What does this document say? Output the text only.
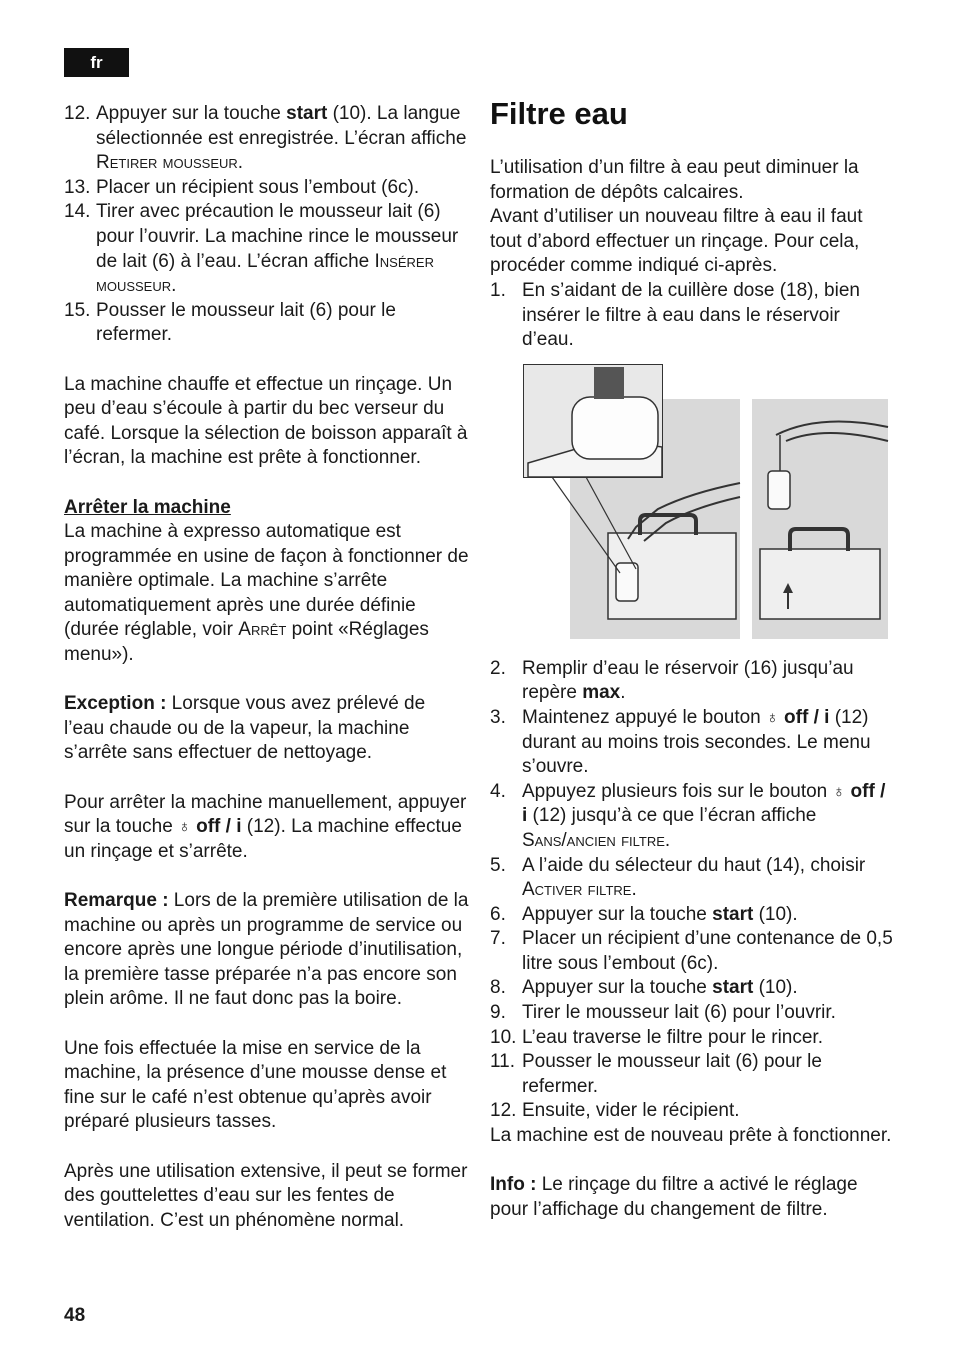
fr
12. Appuyer sur la touche start (10). La langue sélectionnée est enregistrée. L’écran affiche Retirer mousseur.
13. Placer un récipient sous l’embout (6c).
14. Tirer avec précaution le mousseur lait (6) pour l’ouvrir. La machine rince le mousseur de lait (6) à l’eau. L’écran affiche Insérer mousseur.
15. Pousser le mousseur lait (6) pour le refermer.

La machine chauffe et effectue un rinçage. Un peu d’eau s’écoule à partir du bec verseur du café. Lorsque la sélection de boisson apparaît à l’écran, la machine est prête à fonctionner.

Arrêter la machine

La machine à expresso automatique est programmée en usine de façon à fonctionner de manière optimale. La machine s’arrête automatiquement après une durée définie (durée réglable, voir Arrêt point «Réglages menu»).

Exception : Lorsque vous avez prélevé de l’eau chaude ou de la vapeur, la machine s’arrête sans effectuer de nettoyage.

Pour arrêter la machine manuellement, appuyer sur la touche ♁ off / i (12). La machine effectue un rinçage et s’arrête.

Remarque : Lors de la première utilisation de la machine ou après un programme de service ou encore après une longue période d’inutilisation, la première tasse préparée n’a pas encore son plein arôme. Il ne faut donc pas la boire.

Une fois effectuée la mise en service de la machine, la présence d’une mousse dense et fine sur le café n’est obtenue qu’après avoir préparé plusieurs tasses.

Après une utilisation extensive, il peut se former des gouttelettes d’eau sur les fentes de ventilation. C’est un phénomène normal.

Filtre eau

L’utilisation d’un filtre à eau peut diminuer la formation de dépôts calcaires.

Avant d’utiliser un nouveau filtre à eau il faut tout d’abord effectuer un rinçage. Pour cela, procéder comme indiqué ci-après.

1. En s’aidant de la cuillère dose (18), bien insérer le filtre à eau dans le réservoir d’eau.
2. Remplir d’eau le réservoir (16) jusqu’au repère max.
3. Maintenez appuyé le bouton ♁ off / i (12) durant au moins trois secondes. Le menu s’ouvre.
4. Appuyez plusieurs fois sur le bouton ♁ off / i (12) jusqu’à ce que l’écran affiche Sans/ancien filtre.
5. A l’aide du sélecteur du haut (14), choisir Activer filtre.
6. Appuyer sur la touche start (10).
7. Placer un récipient d’une contenance de 0,5 litre sous l’embout (6c).
8. Appuyer sur la touche start (10).
9. Tirer le mousseur lait (6) pour l’ouvrir.
10. L’eau traverse le filtre pour le rincer.
11. Pousser le mousseur lait (6) pour le refermer.
12. Ensuite, vider le récipient.

La machine est de nouveau prête à fonctionner.

Info : Le rinçage du filtre a activé le réglage pour l’affichage du changement de filtre.

48
